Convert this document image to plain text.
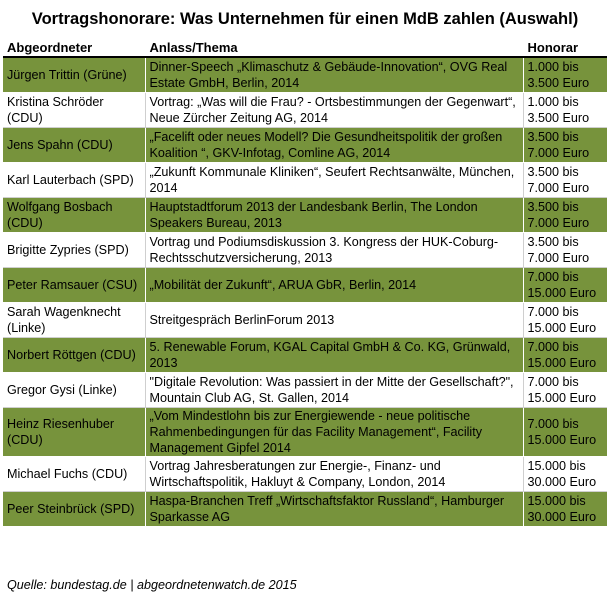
Vortragshonorare: Was Unternehmen für einen MdB zahlen (Auswahl)
Abgeordneter	Anlass/Thema	Honorar
Jürgen Trittin (Grüne)	Dinner-Speech „Klimaschutz & Gebäude-Innovation“, OVG Real Estate GmbH, Berlin, 2014	1.000 bis 3.500 Euro
Kristina Schröder (CDU)	Vortrag: „Was will die Frau? - Ortsbestimmungen der Gegenwart“, Neue Zürcher Zeitung AG, 2014	1.000 bis 3.500 Euro
Jens Spahn (CDU)	„Facelift oder neues Modell? Die Gesundheitspolitik der großen Koalition “, GKV-Infotag, Comline AG, 2014	3.500 bis 7.000 Euro
Karl Lauterbach (SPD)	„Zukunft Kommunale Kliniken“, Seufert Rechtsanwälte, München, 2014	3.500 bis 7.000 Euro
Wolfgang Bosbach (CDU)	Hauptstadtforum 2013 der Landesbank Berlin, The London Speakers Bureau, 2013	3.500 bis 7.000 Euro
Brigitte Zypries (SPD)	Vortrag und Podiumsdiskussion 3. Kongress der HUK-Coburg-Rechtsschutzversicherung, 2013	3.500 bis 7.000 Euro
Peter Ramsauer (CSU)	„Mobilität der Zukunft“, ARUA GbR, Berlin, 2014	7.000 bis 15.000 Euro
Sarah Wagenknecht (Linke)	Streitgespräch BerlinForum 2013	7.000 bis 15.000 Euro
Norbert Röttgen (CDU)	5. Renewable Forum, KGAL Capital GmbH & Co. KG, Grünwald, 2013	7.000 bis 15.000 Euro
Gregor Gysi (Linke)	"Digitale Revolution: Was passiert in der Mitte der Gesellschaft?", Mountain Club AG, St. Gallen, 2014	7.000 bis 15.000 Euro
Heinz Riesenhuber (CDU)	„Vom Mindestlohn bis zur Energiewende - neue politische Rahmenbedingungen für das Facility Management“, Facility Management Gipfel 2014	7.000 bis 15.000 Euro
Michael Fuchs (CDU)	Vortrag Jahresberatungen zur Energie-, Finanz- und Wirtschaftspolitik, Hakluyt & Company, London, 2014	15.000 bis 30.000 Euro
Peer Steinbrück (SPD)	Haspa-Branchen Treff „Wirtschaftsfaktor Russland“, Hamburger Sparkasse AG	15.000 bis 30.000 Euro
Quelle: bundestag.de | abgeordnetenwatch.de 2015
